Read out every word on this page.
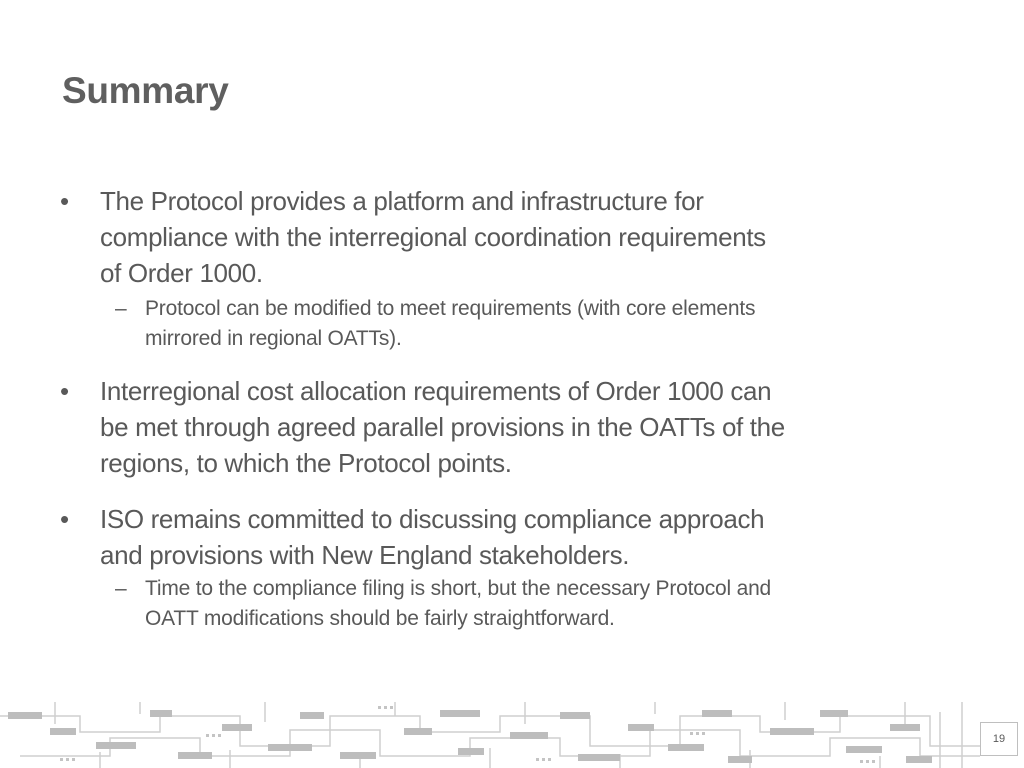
Summary
• The Protocol provides a platform and infrastructure for
compliance with the interregional coordination requirements
of Order 1000.
– Protocol can be modified to meet requirements (with core elements
mirrored in regional OATTs).
• Interregional cost allocation requirements of Order 1000 can
be met through agreed parallel provisions in the OATTs of the
regions, to which the Protocol points.
• ISO remains committed to discussing compliance approach
and provisions with New England stakeholders.
– Time to the compliance filing is short, but the necessary Protocol and
OATT modifications should be fairly straightforward.
19
